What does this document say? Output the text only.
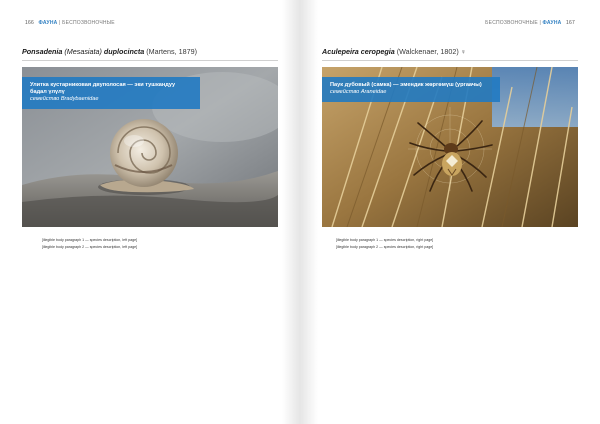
166 ФАУНА | БЕСПОЗВОНОЧНЫЕ
Ponsadenia (Mesasiata) duplocincta (Martens, 1879)
Улитка кустарниковая двуполосая — эки тушкандуу бадал үлүлү
семейство Bradybaenidae

[illegible body paragraph 1 — species description, left page]

[illegible body paragraph 2 — species description, left page]

БЕСПОЗВОНОЧНЫЕ | ФАУНА 167
Aculepeira ceropegia (Walckenaer, 1802) ♀
Паук дубовый (самка) — эмендик жөргөмүш (ургаачы)
семейство Araneidae

[illegible body paragraph 1 — species description, right page]

[illegible body paragraph 2 — species description, right page]
